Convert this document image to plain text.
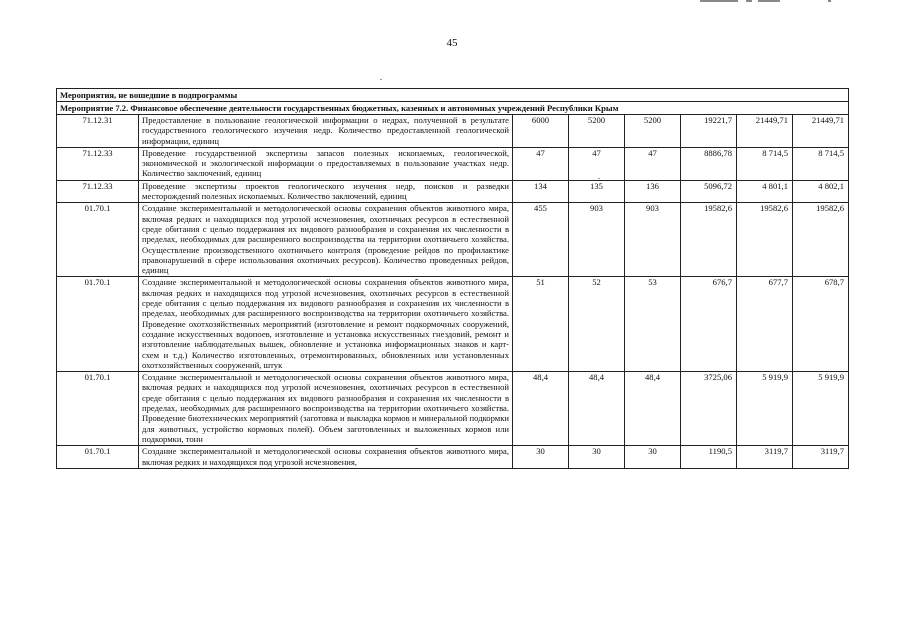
45
Мероприятия, не вошедшие в подпрограммы							
Мероприятие 7.2. Финансовое обеспечение деятельности государственных бюджетных, казенных и автономных учреждений Республики Крым							
71.12.31	Предоставление в пользование геологической информации о недрах, полученной в результате государственного геологического изучения недр. Количество предоставленной геологической информации, единиц	6000	5200	5200	19221,7	21449,71	21449,71
71.12.33	Проведение государственной экспертизы запасов полезных ископаемых, геологической, экономической и экологической информации о предоставляемых в пользование участках недр. Количество заключений, единиц	47	47	47	8886,78	8 714,5	8 714,5
71.12.33	Проведение экспертизы проектов геологического изучения недр, поисков и разведки месторождений полезных ископаемых. Количество заключений, единиц	134	135	136	5096,72	4 801,1	4 802,1
01.70.1	Создание экспериментальной и методологической основы сохранения объектов животного мира, включая редких и находящихся под угрозой исчезновения, охотничьих ресурсов в естественной среде обитания с целью поддержания их видового разнообразия и сохранения их численности в пределах, необходимых для расширенного воспроизводства на территории охотничьего хозяйства. Осуществление производственного охотничьего контроля (проведение рейдов по профилактике правонарушений в сфере использования охотничьих ресурсов). Количество проведенных рейдов, единиц	455	903	903	19582,6	19582,6	19582,6
01.70.1	Создание экспериментальной и методологической основы сохранения объектов животного мира, включая редких и находящихся под угрозой исчезновения, охотничьих ресурсов в естественной среде обитания с целью поддержания их видового разнообразия и сохранения их численности в пределах, необходимых для расширенного воспроизводства на территории охотничьего хозяйства. Проведение охотхозяйственных мероприятий (изготовление и ремонт подкормочных сооружений, создание искусственных водопоев, изготовление и установка искусственных гнездовий, ремонт и изготовление наблюдательных вышек, обновление и установка информационных знаков и карт-схем и т.д.) Количество изготовленных, отремонтированных, обновленных или установленных охотхозяйственных сооружений, штук	51	52	53	676,7	677,7	678,7
01.70.1	Создание экспериментальной и методологической основы сохранения объектов животного мира, включая редких и находящихся под угрозой исчезновения, охотничьих ресурсов в естественной среде обитания с целью поддержания их видового разнообразия и сохранения их численности в пределах, необходимых для расширенного воспроизводства на территории охотничьего хозяйства. Проведение биотехнических мероприятий (заготовка и выкладка кормов и минеральной подкормки для животных, устройство кормовых полей). Объем заготовленных и выложенных кормов или подкормки, тонн	48,4	48,4	48,4	3725,06	5 919,9	5 919,9
01.70.1	Создание экспериментальной и методологической основы сохранения объектов животного мира, включая редких и находящихся под угрозой исчезновения,	30	30	30	1190,5	3119,7	3119,7
